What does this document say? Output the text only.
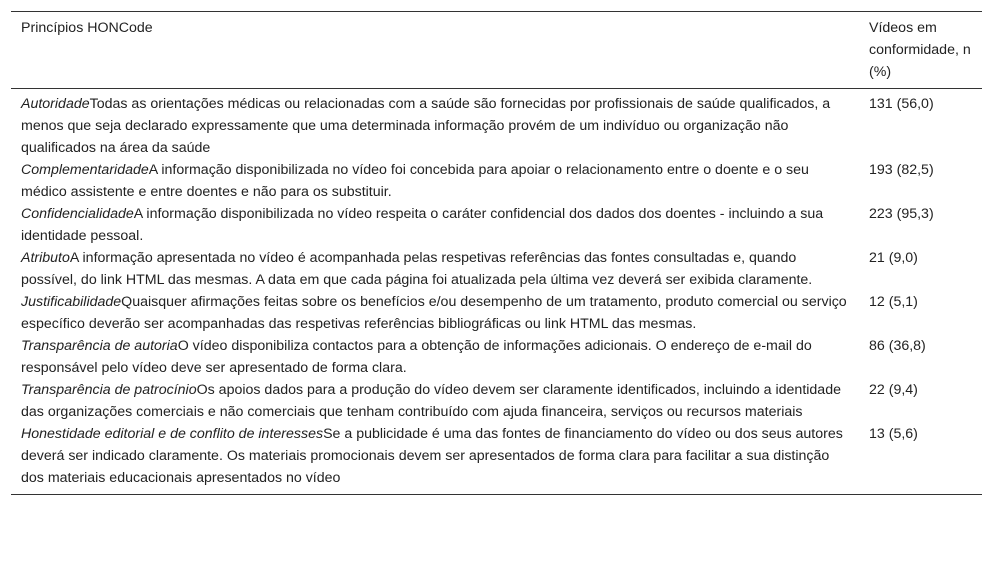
Princípios HONCode	Vídeos em conformidade, n (%)
AutoridadeTodas as orientações médicas ou relacionadas com a saúde são fornecidas por profissionais de saúde qualificados, a menos que seja declarado expressamente que uma determinada informação provém de um indivíduo ou organização não qualificados na área da saúde	131 (56,0)
ComplementaridadeA informação disponibilizada no vídeo foi concebida para apoiar o relacionamento entre o doente e o seu médico assistente e entre doentes e não para os substituir.	193 (82,5)
ConfidencialidadeA informação disponibilizada no vídeo respeita o caráter confidencial dos dados dos doentes - incluindo a sua identidade pessoal.	223 (95,3)
AtributoA informação apresentada no vídeo é acompanhada pelas respetivas referências das fontes consultadas e, quando possível, do link HTML das mesmas. A data em que cada página foi atualizada pela última vez deverá ser exibida claramente.	21 (9,0)
JustificabilidadeQuaisquer afirmações feitas sobre os benefícios e/ou desempenho de um tratamento, produto comercial ou serviço específico deverão ser acompanhadas das respetivas referências bibliográficas ou link HTML das mesmas.	12 (5,1)
Transparência de autoriaO vídeo disponibiliza contactos para a obtenção de informações adicionais. O endereço de e-mail do responsável pelo vídeo deve ser apresentado de forma clara.	86 (36,8)
Transparência de patrocínioOs apoios dados para a produção do vídeo devem ser claramente identificados, incluindo a identidade das organizações comerciais e não comerciais que tenham contribuído com ajuda financeira, serviços ou recursos materiais	22 (9,4)
Honestidade editorial e de conflito de interessesSe a publicidade é uma das fontes de financiamento do vídeo ou dos seus autores deverá ser indicado claramente. Os materiais promocionais devem ser apresentados de forma clara para facilitar a sua distinção dos materiais educacionais apresentados no vídeo	13 (5,6)
